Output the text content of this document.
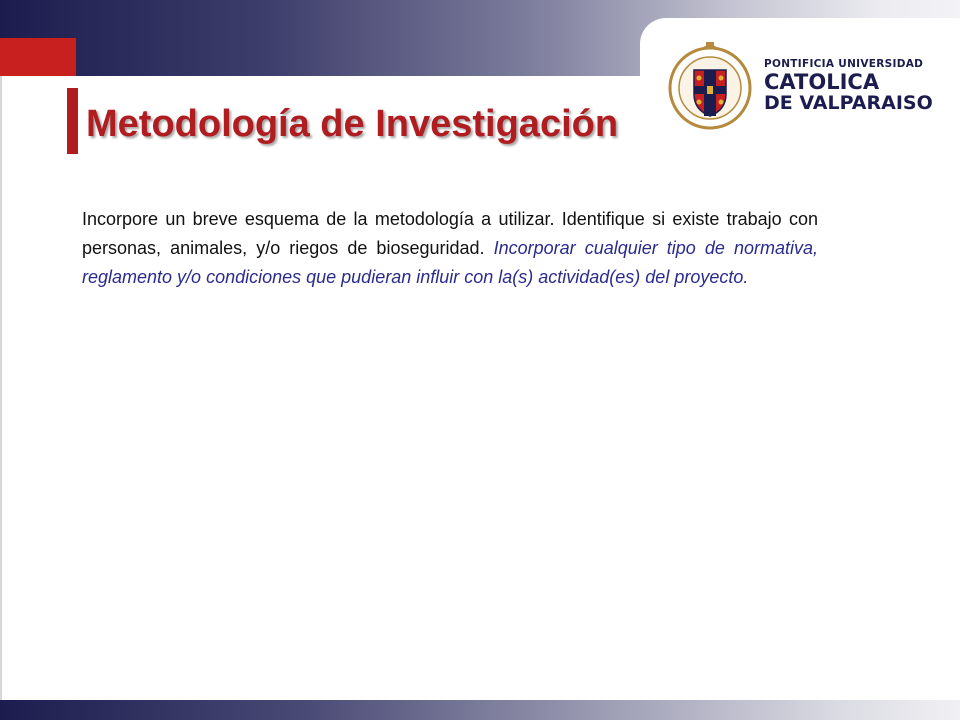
PONTIFICIA UNIVERSIDAD
CATOLICA
DE VALPARAISO
Metodología de Investigación

Incorpore un breve esquema de la metodología a utilizar. Identifique si existe trabajo con personas, animales, y/o riegos de bioseguridad. Incorporar cualquier tipo de normativa, reglamento y/o condiciones que pudieran influir con la(s) actividad(es) del proyecto.
